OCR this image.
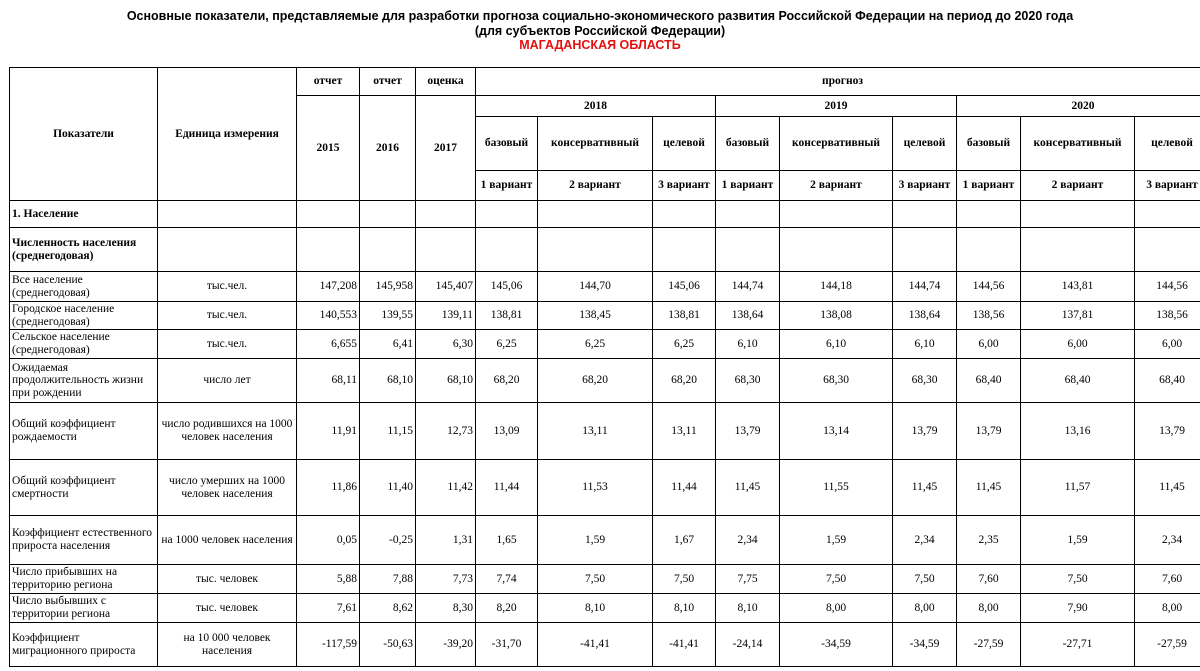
Основные показатели, представляемые для разработки прогноза социально-экономического развития Российской Федерации на период до 2020 года
(для субъектов Российской Федерации)
МАГАДАНСКАЯ ОБЛАСТЬ
Показатели	Единица измерения	отчет	отчет	оценка	прогноз								
		2015	2016	2017	2018			2019			2020		
					базовый	консервативный	целевой	базовый	консервативный	целевой	базовый	консервативный	целевой
					1 вариант	2 вариант	3 вариант	1 вариант	2 вариант	3 вариант	1 вариант	2 вариант	3 вариант
1. Население													
Численность населения (среднегодовая)													
Все население (среднегодовая)	тыс.чел.	147,208	145,958	145,407	145,06	144,70	145,06	144,74	144,18	144,74	144,56	143,81	144,56
Городское население (среднегодовая)	тыс.чел.	140,553	139,55	139,11	138,81	138,45	138,81	138,64	138,08	138,64	138,56	137,81	138,56
Сельское население (среднегодовая)	тыс.чел.	6,655	6,41	6,30	6,25	6,25	6,25	6,10	6,10	6,10	6,00	6,00	6,00
Ожидаемая продолжительность жизни при рождении	число лет	68,11	68,10	68,10	68,20	68,20	68,20	68,30	68,30	68,30	68,40	68,40	68,40
Общий коэффициент рождаемости	число родившихся на 1000 человек населения	11,91	11,15	12,73	13,09	13,11	13,11	13,79	13,14	13,79	13,79	13,16	13,79
Общий коэффициент смертности	число умерших на 1000 человек населения	11,86	11,40	11,42	11,44	11,53	11,44	11,45	11,55	11,45	11,45	11,57	11,45
Коэффициент естественного прироста населения	на 1000 человек населения	0,05	-0,25	1,31	1,65	1,59	1,67	2,34	1,59	2,34	2,35	1,59	2,34
Число прибывших на территорию региона	тыс. человек	5,88	7,88	7,73	7,74	7,50	7,50	7,75	7,50	7,50	7,60	7,50	7,60
Число выбывших с территории региона	тыс. человек	7,61	8,62	8,30	8,20	8,10	8,10	8,10	8,00	8,00	8,00	7,90	8,00
Коэффициент миграционного прироста	на 10 000 человек населения	-117,59	-50,63	-39,20	-31,70	-41,41	-41,41	-24,14	-34,59	-34,59	-27,59	-27,71	-27,59
